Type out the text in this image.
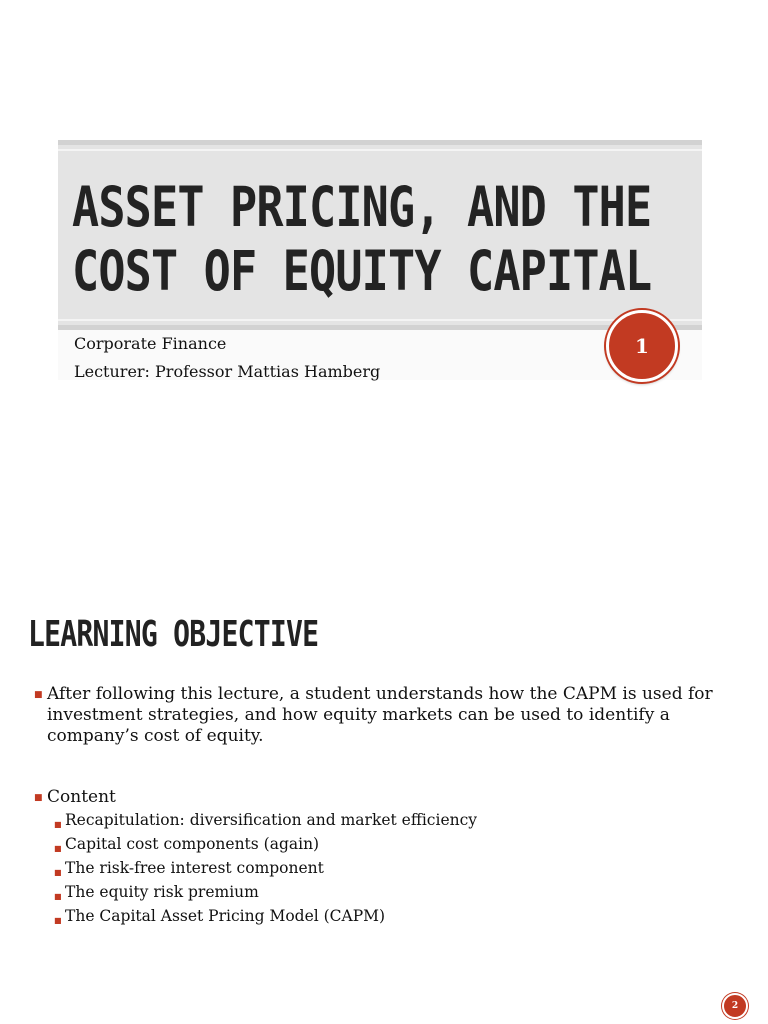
ASSET PRICING, AND THE
COST OF EQUITY CAPITAL
Corporate Finance
Lecturer: Professor Mattias Hamberg
1
LEARNING OBJECTIVE
■ After following this lecture, a student understands how the CAPM is used for investment strategies, and how equity markets can be used to identify a company’s cost of equity.
■ Content
■ Recapitulation: diversification and market efficiency
■ Capital cost components (again)
■ The risk-free interest component
■ The equity risk premium
■ The Capital Asset Pricing Model (CAPM)
2
